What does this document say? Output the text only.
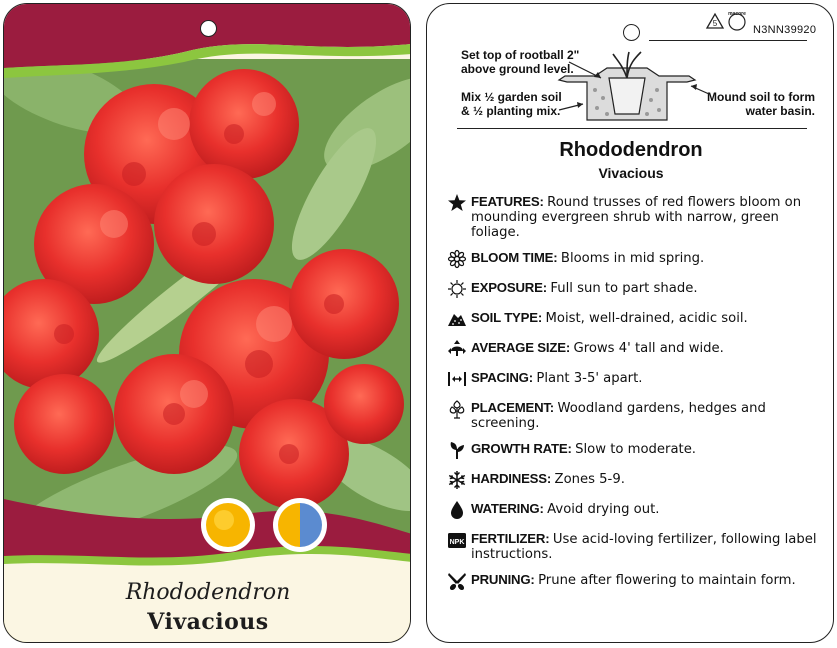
Rhododendron
Vivacious
5
macore
N3NN39920
Set top of rootball 2"
above ground level.
Mix ½ garden soil
& ½ planting mix.
Mound soil to form
water basin.
Rhododendron
Vivacious
FEATURES: Round trusses of red flowers bloom on mounding evergreen shrub with narrow, green foliage.
BLOOM TIME: Blooms in mid spring.
EXPOSURE: Full sun to part shade.
SOIL TYPE: Moist, well-drained, acidic soil.
AVERAGE SIZE: Grows 4' tall and wide.
SPACING: Plant 3-5' apart.
PLACEMENT: Woodland gardens, hedges and screening.
GROWTH RATE: Slow to moderate.
HARDINESS: Zones 5-9.
WATERING: Avoid drying out.
NPK FERTILIZER: Use acid-loving fertilizer, following label instructions.
PRUNING: Prune after flowering to maintain form.
